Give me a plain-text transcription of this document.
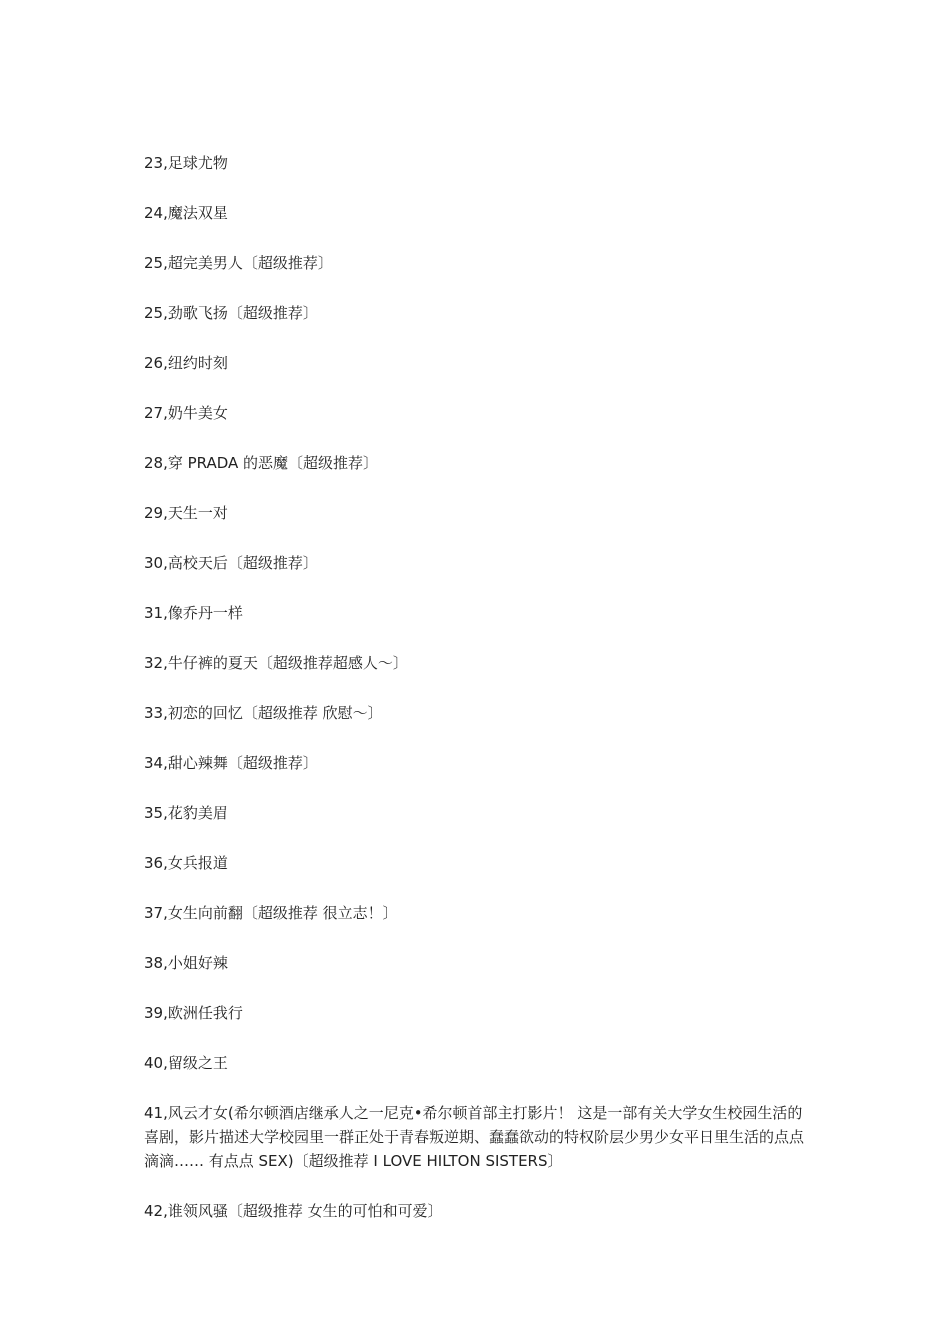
23,足球尤物
24,魔法双星
25,超完美男人〔超级推荐〕
25,劲歌飞扬〔超级推荐〕
26,纽约时刻
27,奶牛美女
28,穿 PRADA 的恶魔〔超级推荐〕
29,天生一对
30,高校天后〔超级推荐〕
31,像乔丹一样
32,牛仔裤的夏天〔超级推荐超感人～〕
33,初恋的回忆〔超级推荐 欣慰～〕
34,甜心辣舞〔超级推荐〕
35,花豹美眉
36,女兵报道
37,女生向前翻〔超级推荐 很立志！〕
38,小姐好辣
39,欧洲任我行
40,留级之王
41,风云才女(希尔顿酒店继承人之一尼克•希尔顿首部主打影片！ 这是一部有关大学女生校园生活的喜剧，影片描述大学校园里一群正处于青春叛逆期、蠢蠢欲动的特权阶层少男少女平日里生活的点点滴滴…… 有点点 SEX)〔超级推荐 I LOVE HILTON SISTERS〕
42,谁领风骚〔超级推荐 女生的可怕和可爱〕
